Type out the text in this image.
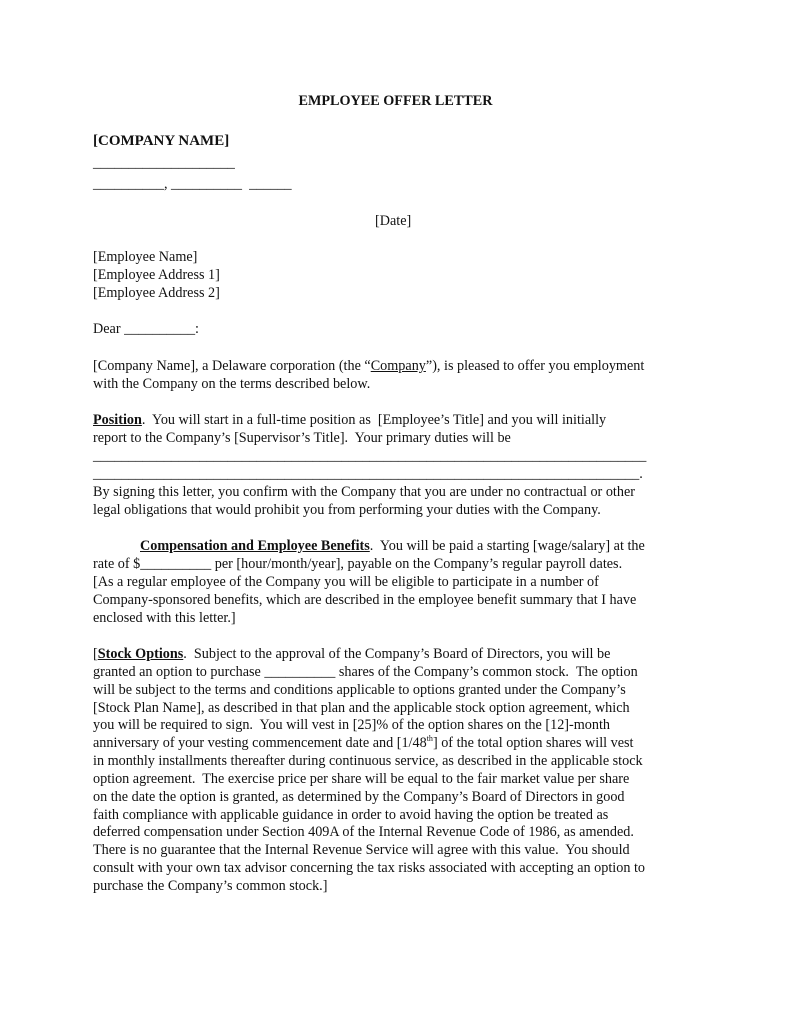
EMPLOYEE OFFER LETTER
[COMPANY NAME]
____________________
__________, __________  ______
[Date]
[Employee Name]
[Employee Address 1]
[Employee Address 2]
Dear __________:
[Company Name], a Delaware corporation (the “Company”), is pleased to offer you employment
with the Company on the terms described below.
Position.  You will start in a full-time position as  [Employee’s Title] and you will initially
report to the Company’s [Supervisor’s Title].  Your primary duties will be
______________________________________________________________________________
_____________________________________________________________________________.
By signing this letter, you confirm with the Company that you are under no contractual or other
legal obligations that would prohibit you from performing your duties with the Company.
Compensation and Employee Benefits.  You will be paid a starting [wage/salary] at the
rate of $__________ per [hour/month/year], payable on the Company’s regular payroll dates.
[As a regular employee of the Company you will be eligible to participate in a number of
Company-sponsored benefits, which are described in the employee benefit summary that I have
enclosed with this letter.]
[Stock Options.  Subject to the approval of the Company’s Board of Directors, you will be
granted an option to purchase __________ shares of the Company’s common stock.  The option
will be subject to the terms and conditions applicable to options granted under the Company’s
[Stock Plan Name], as described in that plan and the applicable stock option agreement, which
you will be required to sign.  You will vest in [25]% of the option shares on the [12]-month
anniversary of your vesting commencement date and [1/48th] of the total option shares will vest
in monthly installments thereafter during continuous service, as described in the applicable stock
option agreement.  The exercise price per share will be equal to the fair market value per share
on the date the option is granted, as determined by the Company’s Board of Directors in good
faith compliance with applicable guidance in order to avoid having the option be treated as
deferred compensation under Section 409A of the Internal Revenue Code of 1986, as amended.
There is no guarantee that the Internal Revenue Service will agree with this value.  You should
consult with your own tax advisor concerning the tax risks associated with accepting an option to
purchase the Company’s common stock.]
